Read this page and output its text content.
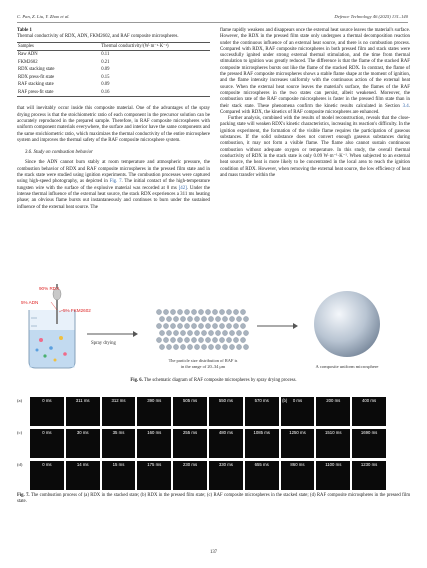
C. Pan, Z. Liu, Y. Zhao et al.	Defence Technology 46 (2025) 131–140
Table 1
Thermal conductivity of RDX, ADN, FKM2602, and RAF composite microspheres.
Samples	Thermal conductivity/(W·m⁻¹·K⁻¹)
Raw ADN	0.11
FKM2602	0.21
RDX stacking state	0.09
RDX press-fit state	0.15
RAF stacking state	0.09
RAF press-fit state	0.16

that will inevitably occur inside this composite material. One of the advantages of the spray drying process is that the stoichiometric ratio of each component in the precursor solution can be accurately reproduced in the prepared sample. Therefore, in RAF composite microspheres with uniform component materials everywhere, the surface and interior have the same components and the same stoichiometric ratio, which maximizes the thermal conductivity of the entire microsphere system and improves the thermal safety of the RAF composite microsphere system.

3.6. Study on combustion behavior

Since the ADN cannot burn stably at room temperature and atmospheric pressure, the combustion behavior of RDX and RAF composite microspheres in the pressed film state and in the stack state were studied using ignition experiments. The combustion processes were captured using high-speed photography, as depicted in Fig. 7. The initial contact of the high-temperature tungsten wire with the surface of the explosive material was recorded at 0 ms [42]. Under the intense thermal influence of the external heat source, the stack RDX experiences a 311 ms heating phase; an obvious flame bursts out instantaneously and continues to burn under the sustained influence of the external heat source. The

flame rapidly weakens and disappears once the external heat source leaves the material's surface. However, the RDX in the pressed film state only undergoes a thermal decomposition reaction under the continuous influence of an external heat source, and there is no combustion process. Compared with RDX, RAF composite microspheres in both pressed film and stack states were successfully ignited under strong external thermal stimulation, and the time from thermal stimulation to ignition was greatly reduced. The difference is that the flame of the stacked RAF composite microspheres bursts out like the flame of the stacked RDX. In contrast, the flame of the pressed RAF composite microspheres shows a stable flame shape at the moment of ignition, and the flame intensity increases uniformly with the continuous action of the external heat source. When the external heat source leaves the material's surface, the flames of the RAF composite microspheres in the two states can persist, albeit weakened. Moreover, the combustion rate of the RAF composite microspheres is faster in the pressed film state than in their stack state. These phenomena confirm the kinetic results calculated in Section 3.4. Compared with RDX, the kinetics of RAF composite microspheres are enhanced.

Further analysis, combined with the results of model reconstruction, reveals that the close-packing state will weaken RDX's kinetic characteristics, increasing its reaction's difficulty. In the ignition experiment, the formation of the visible flame requires the participation of gaseous substances. If the solid substance does not convert enough gaseous substances during combustion, it may not form a visible flame. The flame also cannot sustain continuous combustion without adequate oxygen or temperature. In this study, the overall thermal conductivity of RDX in the stack state is only 0.09 W·m⁻¹·K⁻¹. When subjected to an external heat source, the heat is more likely to be concentrated in the local area to reach the ignition condition of RDX. However, when removing the external heat source, the low efficiency of heat and mass transfer within the

90% RDX
5% ADN
5% FKM2602
Spray drying
The particle size distribution of RAF is
in the range of 20–34 μm	A composite uniform microsphere
Fig. 6. The schematic diagram of RAF composite microspheres by spray drying process.
(a)	0 ms	311 ms	312 ms	390 ms	505 ms	550 ms	570 ms	0 ms
(b)	200 ms	400 ms
(c)	0 ms	30 ms	35 ms	160 ms	255 ms	480 ms	1085 ms	1250 ms	1510 ms	1690 ms
(d)	0 ms	14 ms	15 ms	175 ms	230 ms	330 ms	655 ms	860 ms	1100 ms	1230 ms
Fig. 7. The combustion process of (a) RDX in the stacked state; (b) RDX in the pressed film state; (c) RAF composite microspheres in the stacked state; (d) RAF composite microspheres in the pressed film state.
137
